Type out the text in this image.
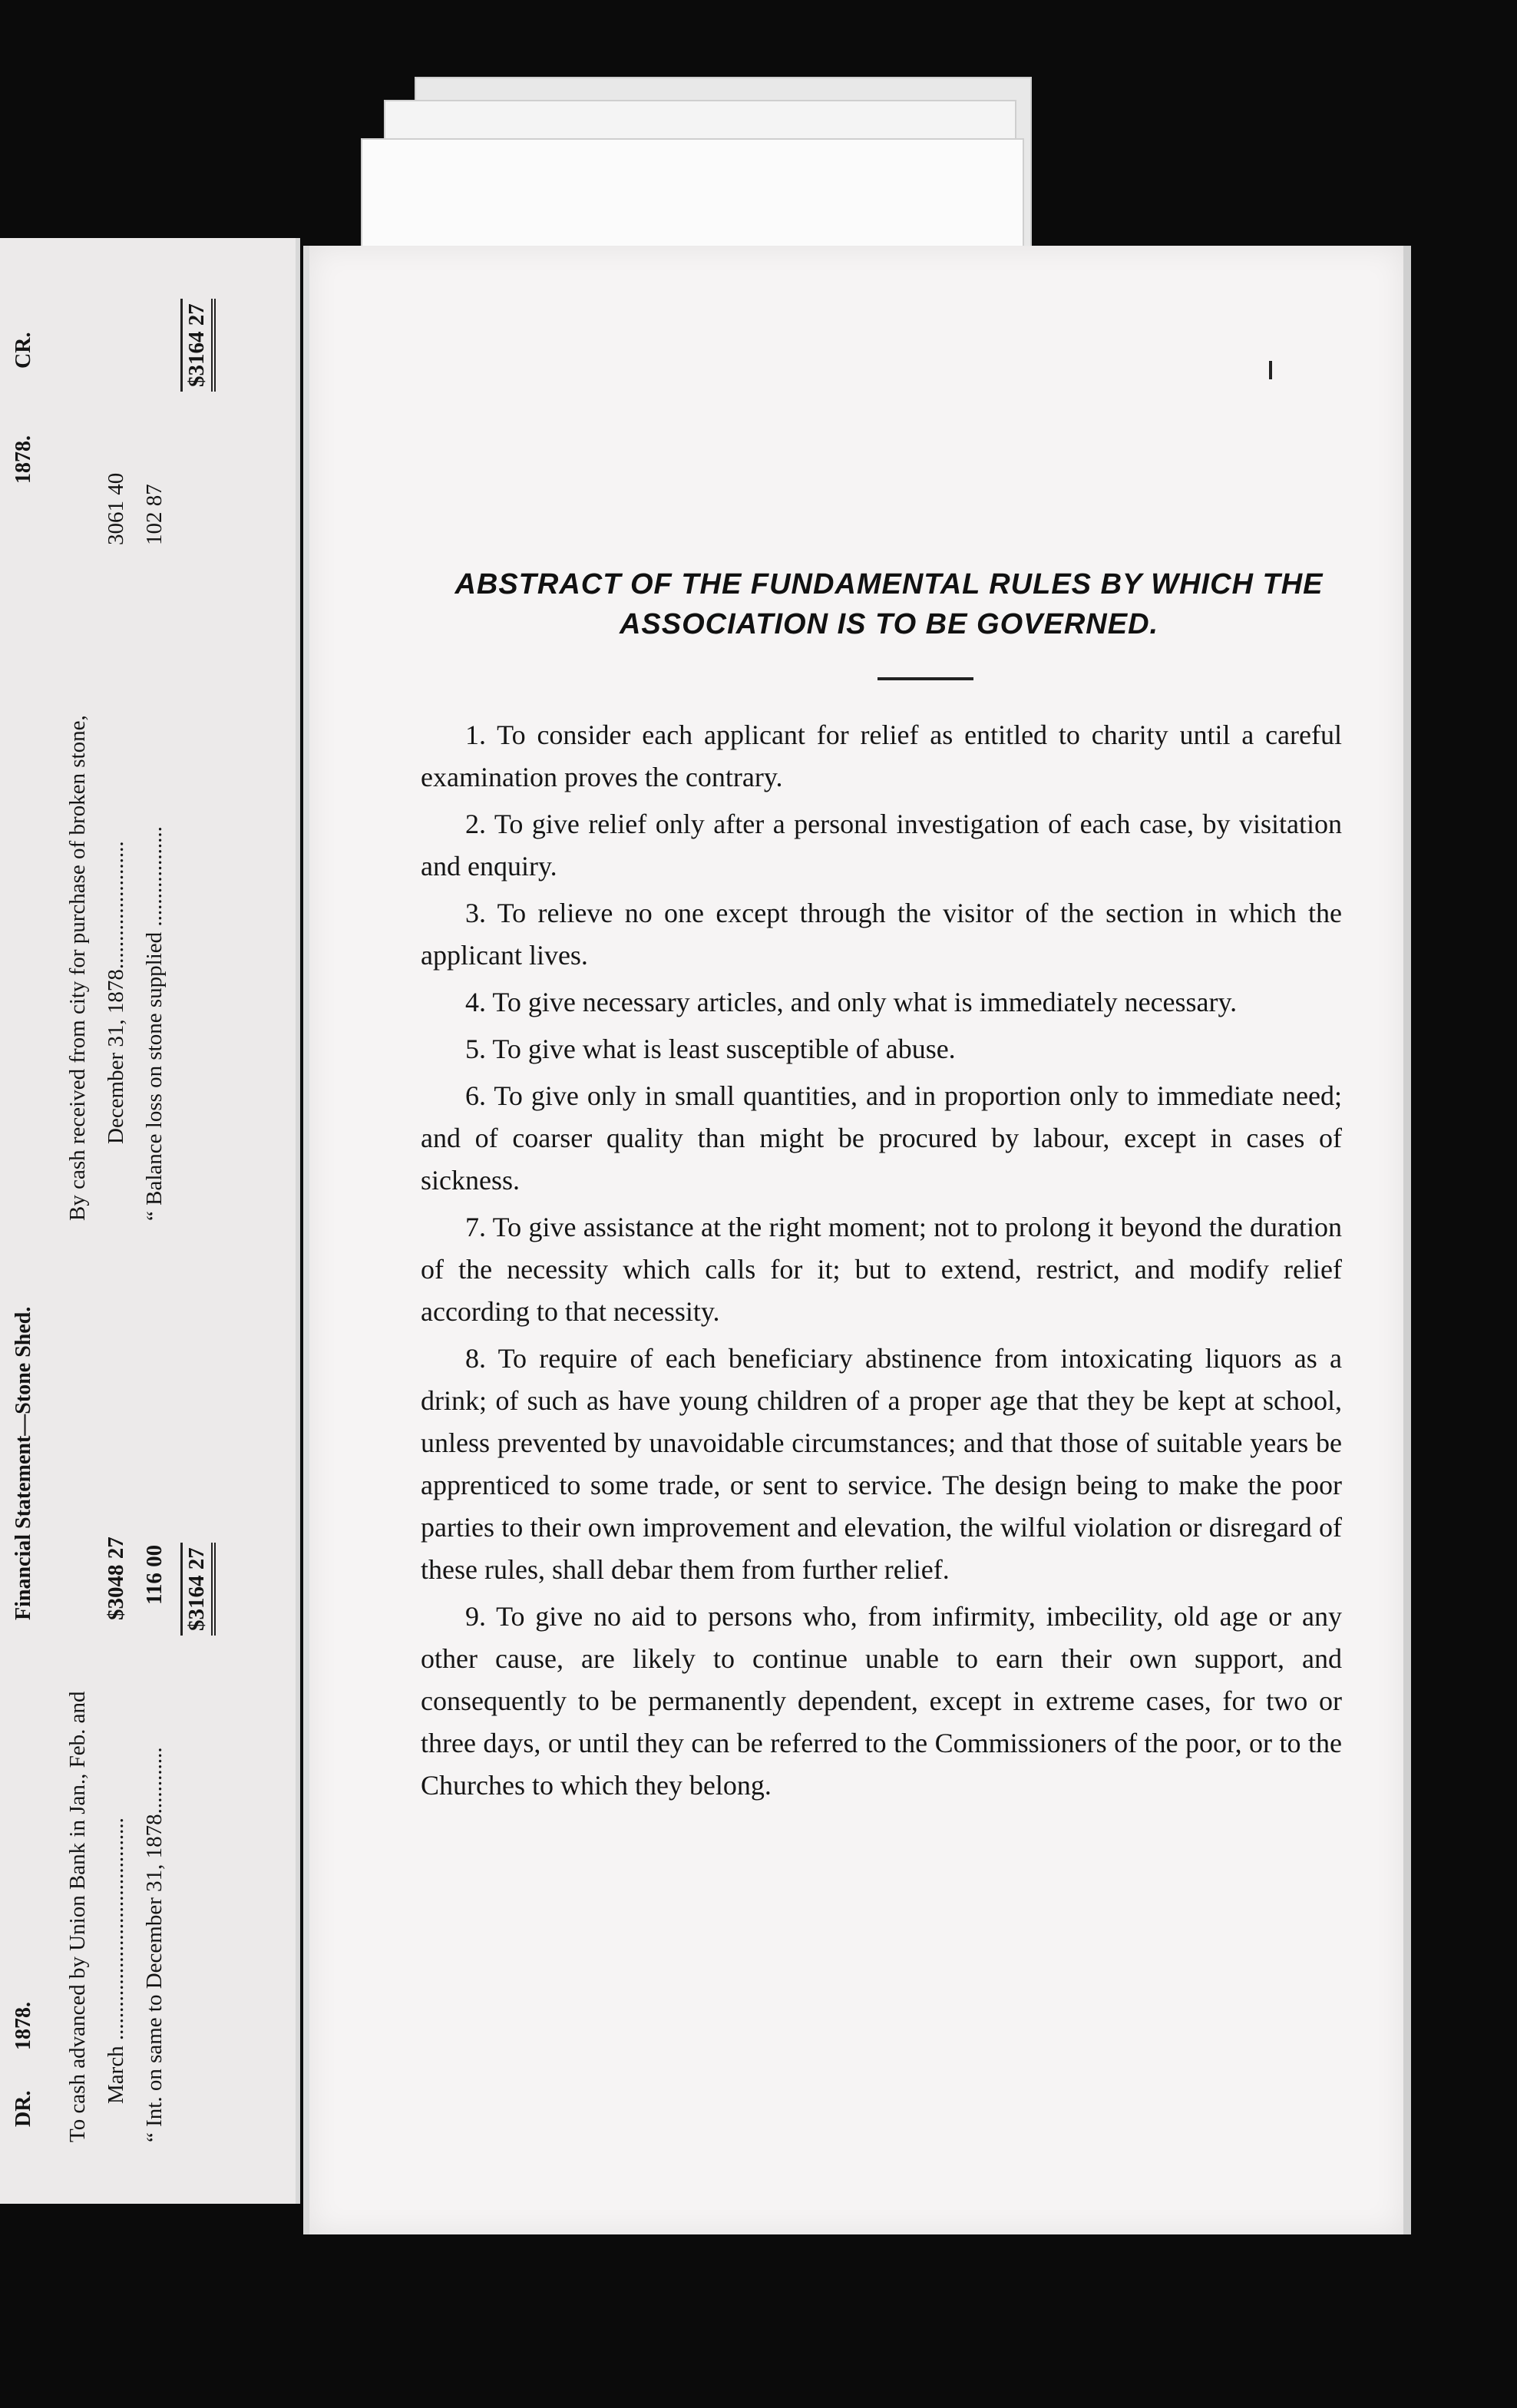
DR.
1878.
Financial Statement—Stone Shed.
1878.
CR.
To cash advanced by Union Bank in Jan., Feb. and March ........................................
$3048 27
“ Int. on same to December 31, 1878............
116 00 $3164 27
By cash received from city for purchase of broken stone, December 31, 1878.......................
3061 40
“ Balance loss on stone supplied ..................
102 87
$3164 27
ABSTRACT OF THE FUNDAMENTAL RULES BY WHICH THE
ASSOCIATION IS TO BE GOVERNED.

1. To consider each applicant for relief as entitled to charity until a careful examination proves the contrary.

2. To give relief only after a personal investigation of each case, by visitation and enquiry.

3. To relieve no one except through the visitor of the section in which the applicant lives.

4. To give necessary articles, and only what is immediately necessary.

5. To give what is least susceptible of abuse.

6. To give only in small quantities, and in proportion only to immediate need; and of coarser quality than might be procured by labour, except in cases of sickness.

7. To give assistance at the right moment; not to prolong it beyond the duration of the necessity which calls for it; but to extend, restrict, and modify relief according to that necessity.

8. To require of each beneficiary abstinence from intoxicating liquors as a drink; of such as have young children of a proper age that they be kept at school, unless prevented by unavoidable circumstances; and that those of suitable years be apprenticed to some trade, or sent to service. The design being to make the poor parties to their own improvement and elevation, the wilful violation or disregard of these rules, shall debar them from further relief.

9. To give no aid to persons who, from infirmity, imbecility, old age or any other cause, are likely to continue unable to earn their own support, and consequently to be permanently dependent, except in extreme cases, for two or three days, or until they can be referred to the Commissioners of the poor, or to the Churches to which they belong.
